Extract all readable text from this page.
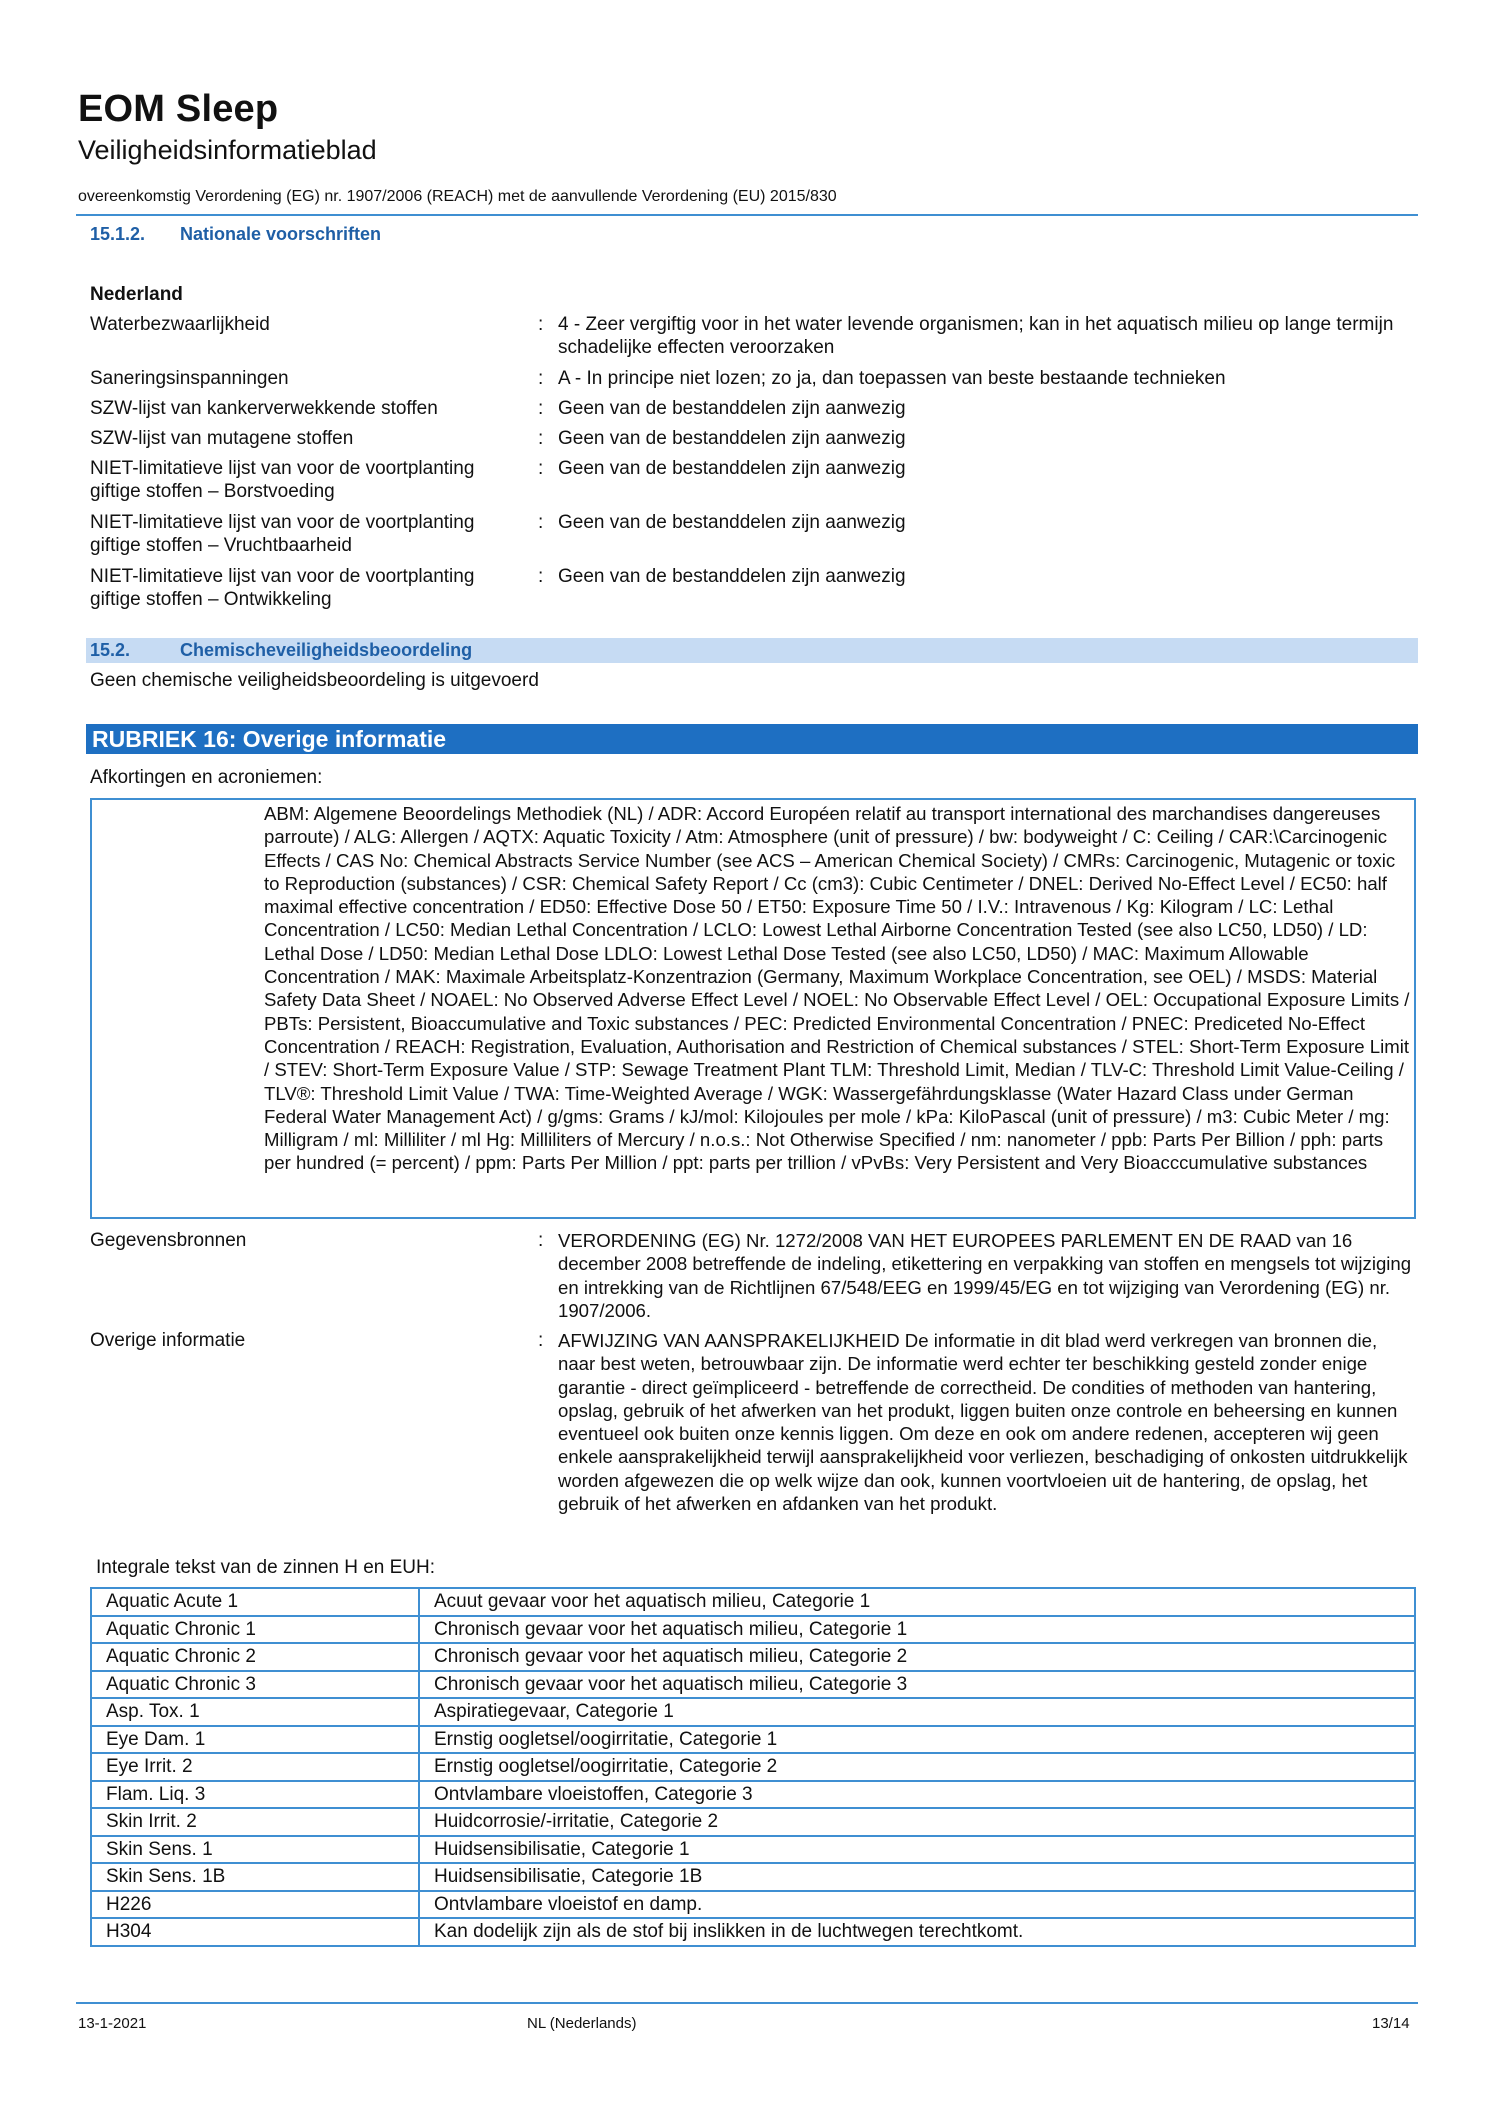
EOM Sleep
Veiligheidsinformatieblad
overeenkomstig Verordening (EG) nr. 1907/2006 (REACH) met de aanvullende Verordening (EU) 2015/830
15.1.2. Nationale voorschriften
Nederland
Waterbezwaarlijkheid	: 4 - Zeer vergiftig voor in het water levende organismen; kan in het aquatisch milieu op lange termijn schadelijke effecten veroorzaken
Saneringsinspanningen	: A - In principe niet lozen; zo ja, dan toepassen van beste bestaande technieken
SZW-lijst van kankerverwekkende stoffen	: Geen van de bestanddelen zijn aanwezig
SZW-lijst van mutagene stoffen	: Geen van de bestanddelen zijn aanwezig
NIET-limitatieve lijst van voor de voortplanting giftige stoffen – Borstvoeding
: Geen van de bestanddelen zijn aanwezig
NIET-limitatieve lijst van voor de voortplanting giftige stoffen – Vruchtbaarheid
: Geen van de bestanddelen zijn aanwezig
NIET-limitatieve lijst van voor de voortplanting giftige stoffen – Ontwikkeling
: Geen van de bestanddelen zijn aanwezig
15.2.	Chemischeveiligheidsbeoordeling
Geen chemische veiligheidsbeoordeling is uitgevoerd
RUBRIEK 16: Overige informatie
Afkortingen en acroniemen:
ABM: Algemene Beoordelings Methodiek (NL) / ADR: Accord Européen relatif au transport international des marchandises dangereuses parroute) / ALG: Allergen / AQTX: Aquatic Toxicity / Atm: Atmosphere (unit of pressure) / bw: bodyweight / C: Ceiling / CAR:\Carcinogenic Effects / CAS No: Chemical Abstracts Service Number (see ACS – American Chemical Society) / CMRs: Carcinogenic, Mutagenic or toxic to Reproduction (substances) / CSR: Chemical Safety Report / Cc (cm3): Cubic Centimeter / DNEL: Derived No-Effect Level / EC50: half maximal effective concentration / ED50: Effective Dose 50 / ET50: Exposure Time 50 / I.V.: Intravenous / Kg: Kilogram / LC: Lethal Concentration / LC50: Median Lethal Concentration / LCLO: Lowest Lethal Airborne Concentration Tested (see also LC50, LD50) / LD: Lethal Dose / LD50: Median Lethal Dose LDLO: Lowest Lethal Dose Tested (see also LC50, LD50) / MAC: Maximum Allowable Concentration / MAK: Maximale Arbeitsplatz-Konzentrazion (Germany, Maximum Workplace Concentration, see OEL) / MSDS: Material Safety Data Sheet / NOAEL: No Observed Adverse Effect Level / NOEL: No Observable Effect Level / OEL: Occupational Exposure Limits / PBTs: Persistent, Bioaccumulative and Toxic substances / PEC: Predicted Environmental Concentration / PNEC: Prediceted No-Effect Concentration / REACH: Registration, Evaluation, Authorisation and Restriction of Chemical substances / STEL: Short-Term Exposure Limit / STEV: Short-Term Exposure Value / STP: Sewage Treatment Plant TLM: Threshold Limit, Median / TLV-C: Threshold Limit Value-Ceiling / TLV®: Threshold Limit Value / TWA: Time-Weighted Average / WGK: Wassergefährdungsklasse (Water Hazard Class under German Federal Water Management Act) / g/gms: Grams / kJ/mol: Kilojoules per mole / kPa: KiloPascal (unit of pressure) / m3: Cubic Meter / mg: Milligram / ml: Milliliter / ml Hg: Milliliters of Mercury / n.o.s.: Not Otherwise Specified / nm: nanometer / ppb: Parts Per Billion / pph: parts per hundred (= percent) / ppm: Parts Per Million / ppt: parts per trillion / vPvBs: Very Persistent and Very Bioacccumulative substances
Gegevensbronnen	: VERORDENING (EG) Nr. 1272/2008 VAN HET EUROPEES PARLEMENT EN DE RAAD van 16 december 2008 betreffende de indeling, etikettering en verpakking van stoffen en mengsels tot wijziging en intrekking van de Richtlijnen 67/548/EEG en 1999/45/EG en tot wijziging van Verordening (EG) nr. 1907/2006.
Overige informatie	: AFWIJZING VAN AANSPRAKELIJKHEID De informatie in dit blad werd verkregen van bronnen die, naar best weten, betrouwbaar zijn. De informatie werd echter ter beschikking gesteld zonder enige garantie - direct geïmpliceerd - betreffende de correctheid. De condities of methoden van hantering, opslag, gebruik of het afwerken van het produkt, liggen buiten onze controle en beheersing en kunnen eventueel ook buiten onze kennis liggen. Om deze en ook om andere redenen, accepteren wij geen enkele aansprakelijkheid terwijl aansprakelijkheid voor verliezen, beschadiging of onkosten uitdrukkelijk worden afgewezen die op welk wijze dan ook, kunnen voortvloeien uit de hantering, de opslag, het gebruik of het afwerken en afdanken van het produkt.
Integrale tekst van de zinnen H en EUH:
Aquatic Acute 1	Acuut gevaar voor het aquatisch milieu, Categorie 1
Aquatic Chronic 1	Chronisch gevaar voor het aquatisch milieu, Categorie 1
Aquatic Chronic 2	Chronisch gevaar voor het aquatisch milieu, Categorie 2
Aquatic Chronic 3	Chronisch gevaar voor het aquatisch milieu, Categorie 3
Asp. Tox. 1	Aspiratiegevaar, Categorie 1
Eye Dam. 1	Ernstig oogletsel/oogirritatie, Categorie 1
Eye Irrit. 2	Ernstig oogletsel/oogirritatie, Categorie 2
Flam. Liq. 3	Ontvlambare vloeistoffen, Categorie 3
Skin Irrit. 2	Huidcorrosie/-irritatie, Categorie 2
Skin Sens. 1	Huidsensibilisatie, Categorie 1
Skin Sens. 1B	Huidsensibilisatie, Categorie 1B
H226	Ontvlambare vloeistof en damp.
H304	Kan dodelijk zijn als de stof bij inslikken in de luchtwegen terechtkomt.
13-1-2021	NL (Nederlands)	13/14
